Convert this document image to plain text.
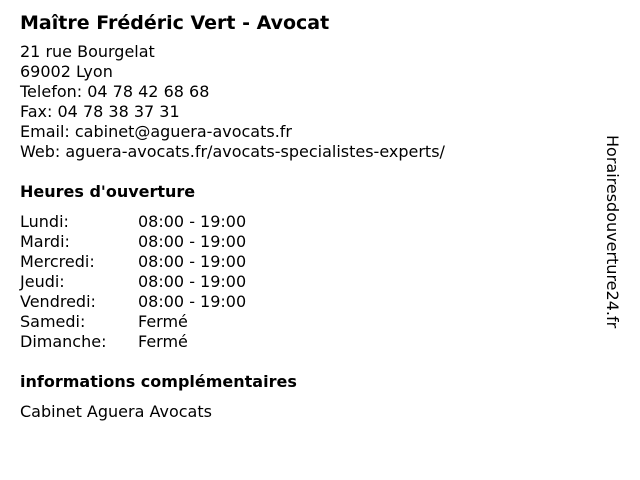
Maître Frédéric Vert - Avocat
21 rue Bourgelat
69002 Lyon
Telefon: 04 78 42 68 68
Fax: 04 78 38 37 31
Email: cabinet@aguera-avocats.fr
Web: aguera-avocats.fr/avocats-specialistes-experts/
Heures d'ouverture
Lundi:	08:00 - 19:00
Mardi:	08:00 - 19:00
Mercredi:	08:00 - 19:00
Jeudi:	08:00 - 19:00
Vendredi:	08:00 - 19:00
Samedi:	Fermé
Dimanche:	Fermé
informations complémentaires
Cabinet Aguera Avocats
Horairesdouverture24.fr
